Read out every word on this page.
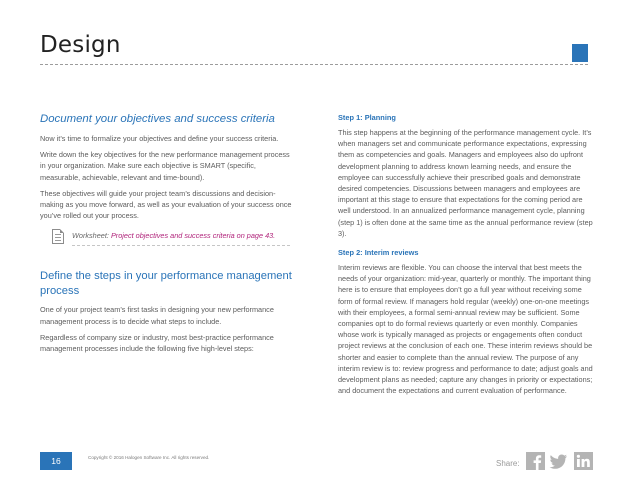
Design
Document your objectives and success criteria
Now it’s time to formalize your objectives and define your success criteria.
Write down the key objectives for the new performance management process in your organization. Make sure each objective is SMART (specific, measurable, achievable, relevant and time-bound).
These objectives will guide your project team’s discussions and decision-making as you move forward, as well as your evaluation of your success once you’ve rolled out your process.
Worksheet: Project objectives and success criteria on page 43.
Define the steps in your performance management process
One of your project team’s first tasks in designing your new performance management process is to decide what steps to include.
Regardless of company size or industry, most best-practice performance management processes include the following five high-level steps:
Step 1: Planning
This step happens at the beginning of the performance management cycle. It’s when managers set and communicate performance expectations, expressing them as competencies and goals. Managers and employees also do upfront development planning to address known learning needs, and ensure the employee can successfully achieve their prescribed goals and demonstrate desired competencies. Discussions between managers and employees are important at this stage to ensure that expectations for the coming period are well understood. In an annualized performance management cycle, planning (step 1) is often done at the same time as the annual performance review (step 3).
Step 2: Interim reviews
Interim reviews are flexible. You can choose the interval that best meets the needs of your organization: mid-year, quarterly or monthly. The important thing here is to ensure that employees don’t go a full year without receiving some form of formal review. If managers hold regular (weekly) one-on-one meetings with their employees, a formal semi-annual review may be sufficient. Some companies opt to do formal reviews quarterly or even monthly. Companies whose work is typically managed as projects or engagements often conduct project reviews at the conclusion of each one. These interim reviews should be shorter and easier to complete than the annual review. The purpose of any interim review is to: review progress and performance to date; adjust goals and development plans as needed; capture any changes in priority or expectations; and document the expectations and current evaluation of performance.
16	Copyright © 2016 Halogen Software Inc. All rights reserved.
Share:
